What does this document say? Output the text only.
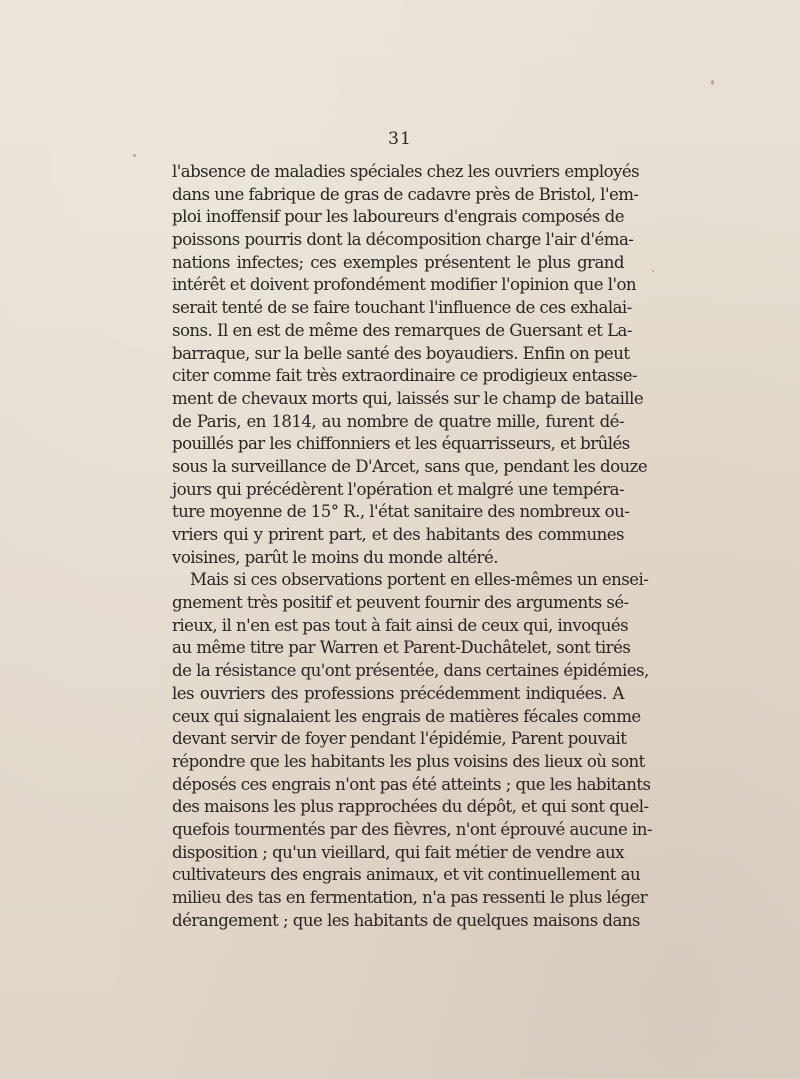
31
l'absence de maladies spéciales chez les ouvriers employés
dans une fabrique de gras de cadavre près de Bristol, l'em-
ploi inoffensif pour les laboureurs d'engrais composés de
poissons pourris dont la décomposition charge l'air d'éma-
nations infectes; ces exemples présentent le plus grand
intérêt et doivent profondément modifier l'opinion que l'on
serait tenté de se faire touchant l'influence de ces exhalai-
sons. Il en est de même des remarques de Guersant et La-
barraque, sur la belle santé des boyaudiers. Enfin on peut
citer comme fait très extraordinaire ce prodigieux entasse-
ment de chevaux morts qui, laissés sur le champ de bataille
de Paris, en 1814, au nombre de quatre mille, furent dé-
pouillés par les chiffonniers et les équarrisseurs, et brûlés
sous la surveillance de D'Arcet, sans que, pendant les douze
jours qui précédèrent l'opération et malgré une tempéra-
ture moyenne de 15° R., l'état sanitaire des nombreux ou-
vriers qui y prirent part, et des habitants des communes
voisines, parût le moins du monde altéré.
Mais si ces observations portent en elles-mêmes un ensei-
gnement très positif et peuvent fournir des arguments sé-
rieux, il n'en est pas tout à fait ainsi de ceux qui, invoqués
au même titre par Warren et Parent-Duchâtelet, sont tirés
de la résistance qu'ont présentée, dans certaines épidémies,
les ouvriers des professions précédemment indiquées. A
ceux qui signalaient les engrais de matières fécales comme
devant servir de foyer pendant l'épidémie, Parent pouvait
répondre que les habitants les plus voisins des lieux où sont
déposés ces engrais n'ont pas été atteints ; que les habitants
des maisons les plus rapprochées du dépôt, et qui sont quel-
quefois tourmentés par des fièvres, n'ont éprouvé aucune in-
disposition ; qu'un vieillard, qui fait métier de vendre aux
cultivateurs des engrais animaux, et vit continuellement au
milieu des tas en fermentation, n'a pas ressenti le plus léger
dérangement ; que les habitants de quelques maisons dans
